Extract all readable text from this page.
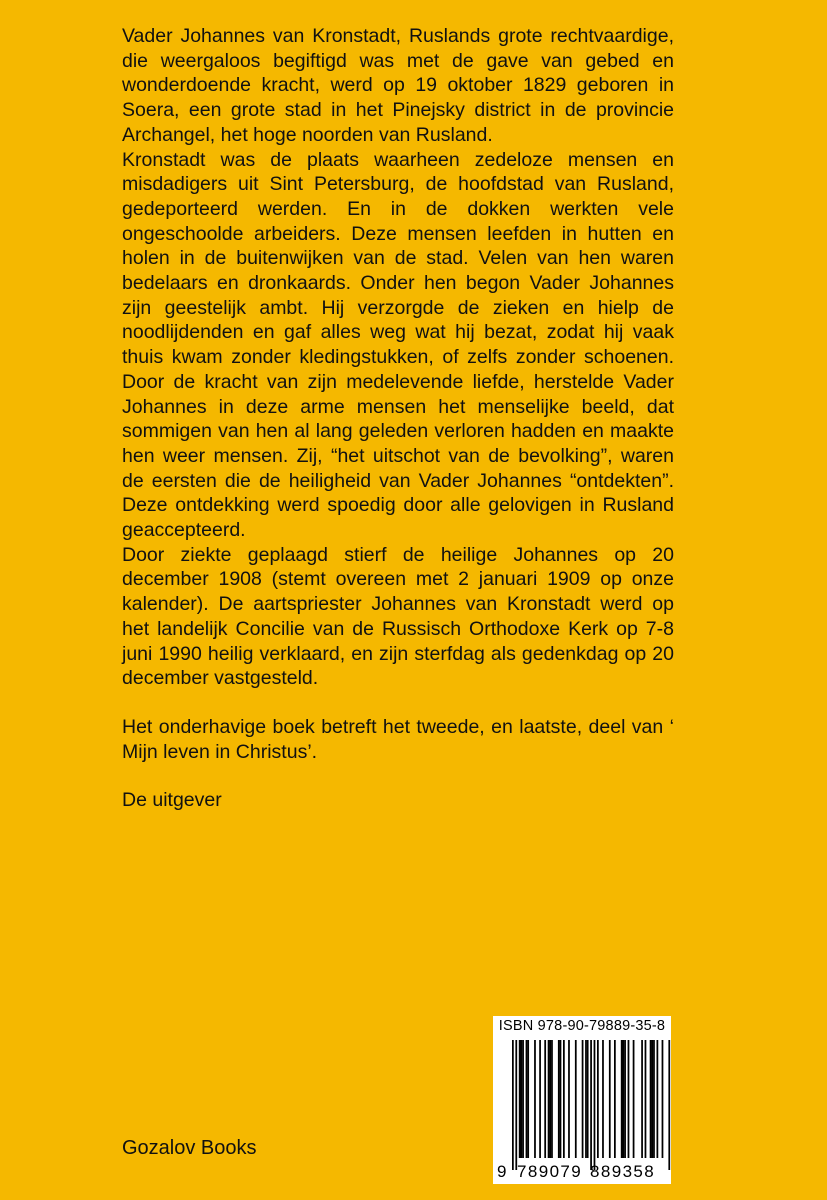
Vader Johannes van Kronstadt, Ruslands grote rechtvaardige, die weergaloos begiftigd was met de gave van gebed en wonderdoende kracht, werd op 19 oktober 1829 geboren in Soera, een grote stad in het Pinejsky district in de provincie Archangel, het hoge noorden van Rusland.

Kronstadt was de plaats waarheen zedeloze mensen en misdadigers uit Sint Petersburg, de hoofdstad van Rusland, gedeporteerd werden. En in de dokken werkten vele ongeschoolde arbeiders. Deze mensen leefden in hutten en holen in de buitenwijken van de stad. Velen van hen waren bedelaars en dronkaards. Onder hen begon Vader Johannes zijn geestelijk ambt. Hij verzorgde de zieken en hielp de noodlijdenden en gaf alles weg wat hij bezat, zodat hij vaak thuis kwam zonder kledingstukken, of zelfs zonder schoenen. Door de kracht van zijn medelevende liefde, herstelde Vader Johannes in deze arme mensen het menselijke beeld, dat sommigen van hen al lang geleden verloren hadden en maakte hen weer mensen. Zij, “het uitschot van de bevolking”, waren de eersten die de heiligheid van Vader Johannes “ontdekten”. Deze ontdekking werd spoedig door alle gelovigen in Rusland geaccepteerd.

Door ziekte geplaagd stierf de heilige Johannes op 20 december 1908 (stemt overeen met 2 januari 1909 op onze kalender). De aartspriester Johannes van Kronstadt werd op het landelijk Concilie van de Russisch Orthodoxe Kerk op 7-8 juni 1990 heilig verklaard, en zijn sterfdag als gedenkdag op 20 december vastgesteld.

Het onderhavige boek betreft het tweede, en laatste, deel van ‘ Mijn leven in Christus’.

De uitgever

Gozalov Books
ISBN 978-90-79889-35-8
9 789079 889358
